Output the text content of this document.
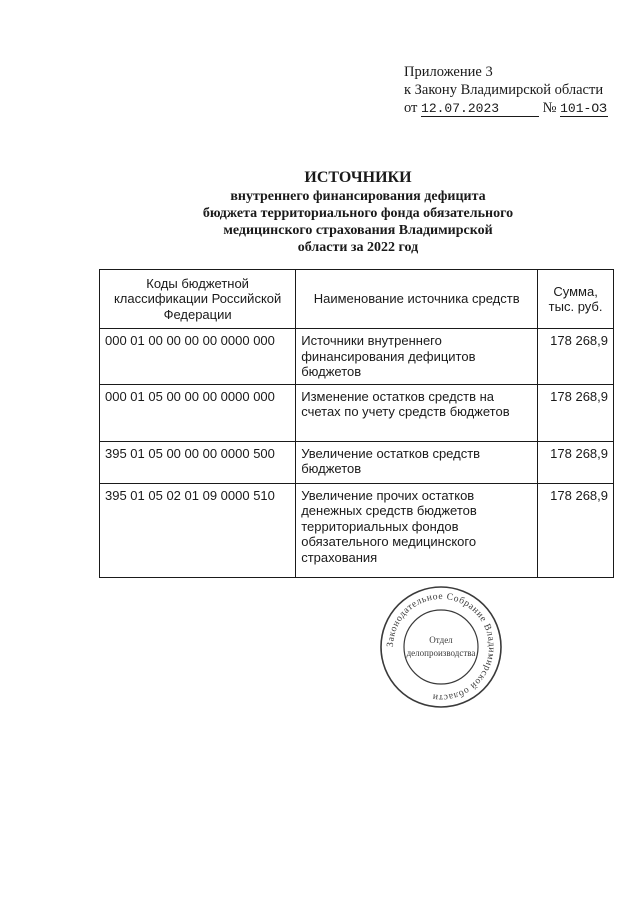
Приложение 3
к Закону Владимирской области
от 12.07.2023	№ 101-ОЗ
ИСТОЧНИКИ
внутреннего финансирования дефицита
бюджета территориального фонда обязательного
медицинского страхования Владимирской
области за 2022 год
Коды бюджетной классификации Российской Федерации	Наименование источника средств	Сумма, тыс. руб.
000 01 00 00 00 00 0000 000	Источники внутреннего финансирования дефицитов бюджетов	178 268,9
000 01 05 00 00 00 0000 000	Изменение остатков средств на счетах по учету средств бюджетов	178 268,9
395 01 05 00 00 00 0000 500	Увеличение остатков средств бюджетов	178 268,9
395 01 05 02 01 09 0000 510	Увеличение прочих остатков денежных средств бюджетов территориальных фондов обязательного медицинского страхования	178 268,9
Законодательное Собрание Владимирской области
Отдел
делопроизводства
